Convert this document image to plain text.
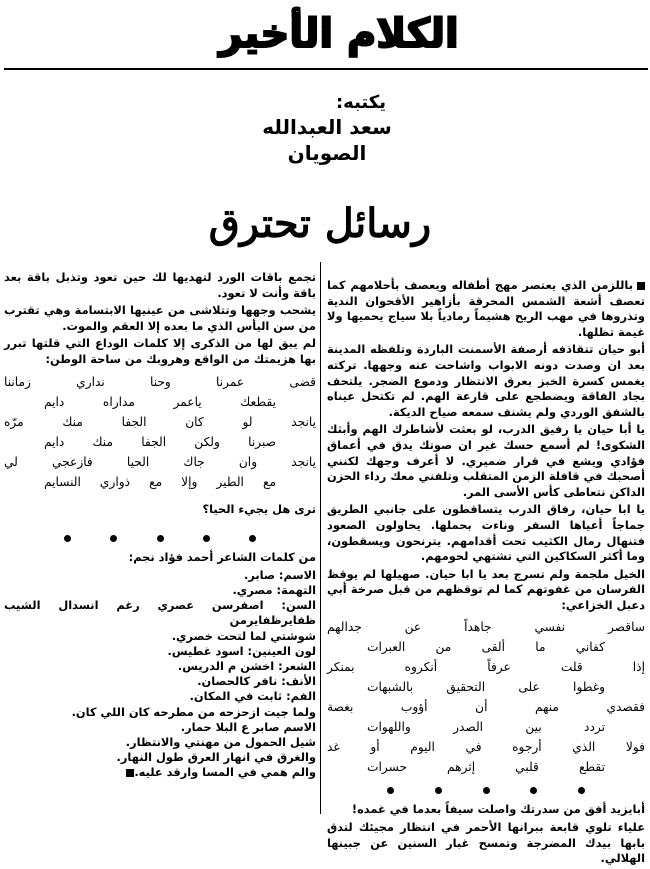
الكلام الأخير
يكتبه:
سعد العبدالله
الصويان
رسائل تحترق

باللزمن الذي يعتصر مهج أطفاله ويعصف بأحلامهم كما تعصف أشعة الشمس المحرقة بأزاهير الأقحوان الندية وتذروها في مهب الريح هشيماً رمادياً بلا سياج يحميها ولا غيمة تظلها.

أبو حيان تتقاذفه أرصفة الأسمنت الباردة وتلفظه المدينة بعد ان وصدت دونه الابواب واشاحت عنه وجهها. تركته يغمس كسرة الخبز بعرق الانتظار ودموع الضجر. يلتحف بجاد الفاقة ويضطجع على قارعة الهم. لم تكتحل عيناه بالشفق الوردي ولم يشنف سمعه صياح الديكة.

يا أبا حيان يا رفيق الدرب، لو بعثت لأشاطرك الهم وأبثك الشكوى! لم أسمع حسك غير ان صوتك يدق في أعماق فؤادي ويشع في قرار ضميري. لا أعرف وجهك لكنني أصحبك في قافلة الزمن المتقلب وتلفني معك رداء الحزن الداكن نتعاطى كأس الأسى المر.

يا ابا حيان، رفاق الدرب يتساقطون على جانبي الطريق جماجاً أعياها السفر وناءت بحملها. يحاولون الصعود فتنهال رمال الكثيب تحت أقدامهم. يترنحون ويسقطون، وما أكثر السكاكين التي تشتهي لحومهم.

الخيل ملجمة ولم تسرج بعد يا ابا حيان. صهيلها لم يوقظ الفرسان من غفوتهم كما لم توقظهم من قبل صرخة أبي دعبل الخزاعي:

ساقصر نفسي جاهداً عن جدالهم
كفاني ما ألقى من العبرات
إذا قلت عرفاً أنكروه بمنكر
وغطوا على التحقيق بالشبهات
فقصدي منهم أن أؤوب بغصة
تردد بين الصدر واللهوات
فولا الذي أرجوه في اليوم أو غد
تقطع قلبي إثرهم حسرات

أبايزيد أفق من سدرتك واصلت سيفاً بعدما في غمده!

علياء تلوي قابعة ببرانها الأحمر في انتظار مجيئك لتدق بابها بيدك المضرجة وتمسح غبار السنين عن جبينها الهلالي.

تجمع باقات الورد لتهديها لك حين تعود وتذبل باقة بعد باقة وأنت لا تعود.

يشحب وجهها وتتلاشى من عينيها الابتسامة وهي تقترب من سن اليأس الذي ما بعده إلا العقم والموت.

لم يبق لها من الذكرى إلا كلمات الوداع التي قلتها تبرر بها هزيمتك من الواقع وهروبك من ساحة الوطن:

قضى عمرنا وحنا نداري زماننا
يقطعك ياعمر مداراه دايم
يانجد لو كان الجفا منك مرّه
صبرنا ولكن الجفا منك دايم
يانجد وان جاك الحيا فازعجي لي
مع الطير وإلا مع ذواري النسايم

ترى هل يجيء الحيا؟

من كلمات الشاعر أحمد فؤاد نجم:

الاسم: صابر.

التهمة: مصري.

السن: اصفرسن عصري رغم انسدال الشيب ظفايرظفايرمن

شوشتي لما لتحت خصري.

لون العينين: اسود غطيس.

الشعر: اخشن م الدريس.

الأنف: نافر كالحصان.

الفم: ثابت في المكان.

ولما جيت ازحزحه من مطرحه كان اللي كان.

الاسم صابر ع البلا حمار.

شيل الحمول من مهنتي والانتظار.

والغرق في انهار العرق طول النهار.

والم همي في المسا وارقد عليه.
